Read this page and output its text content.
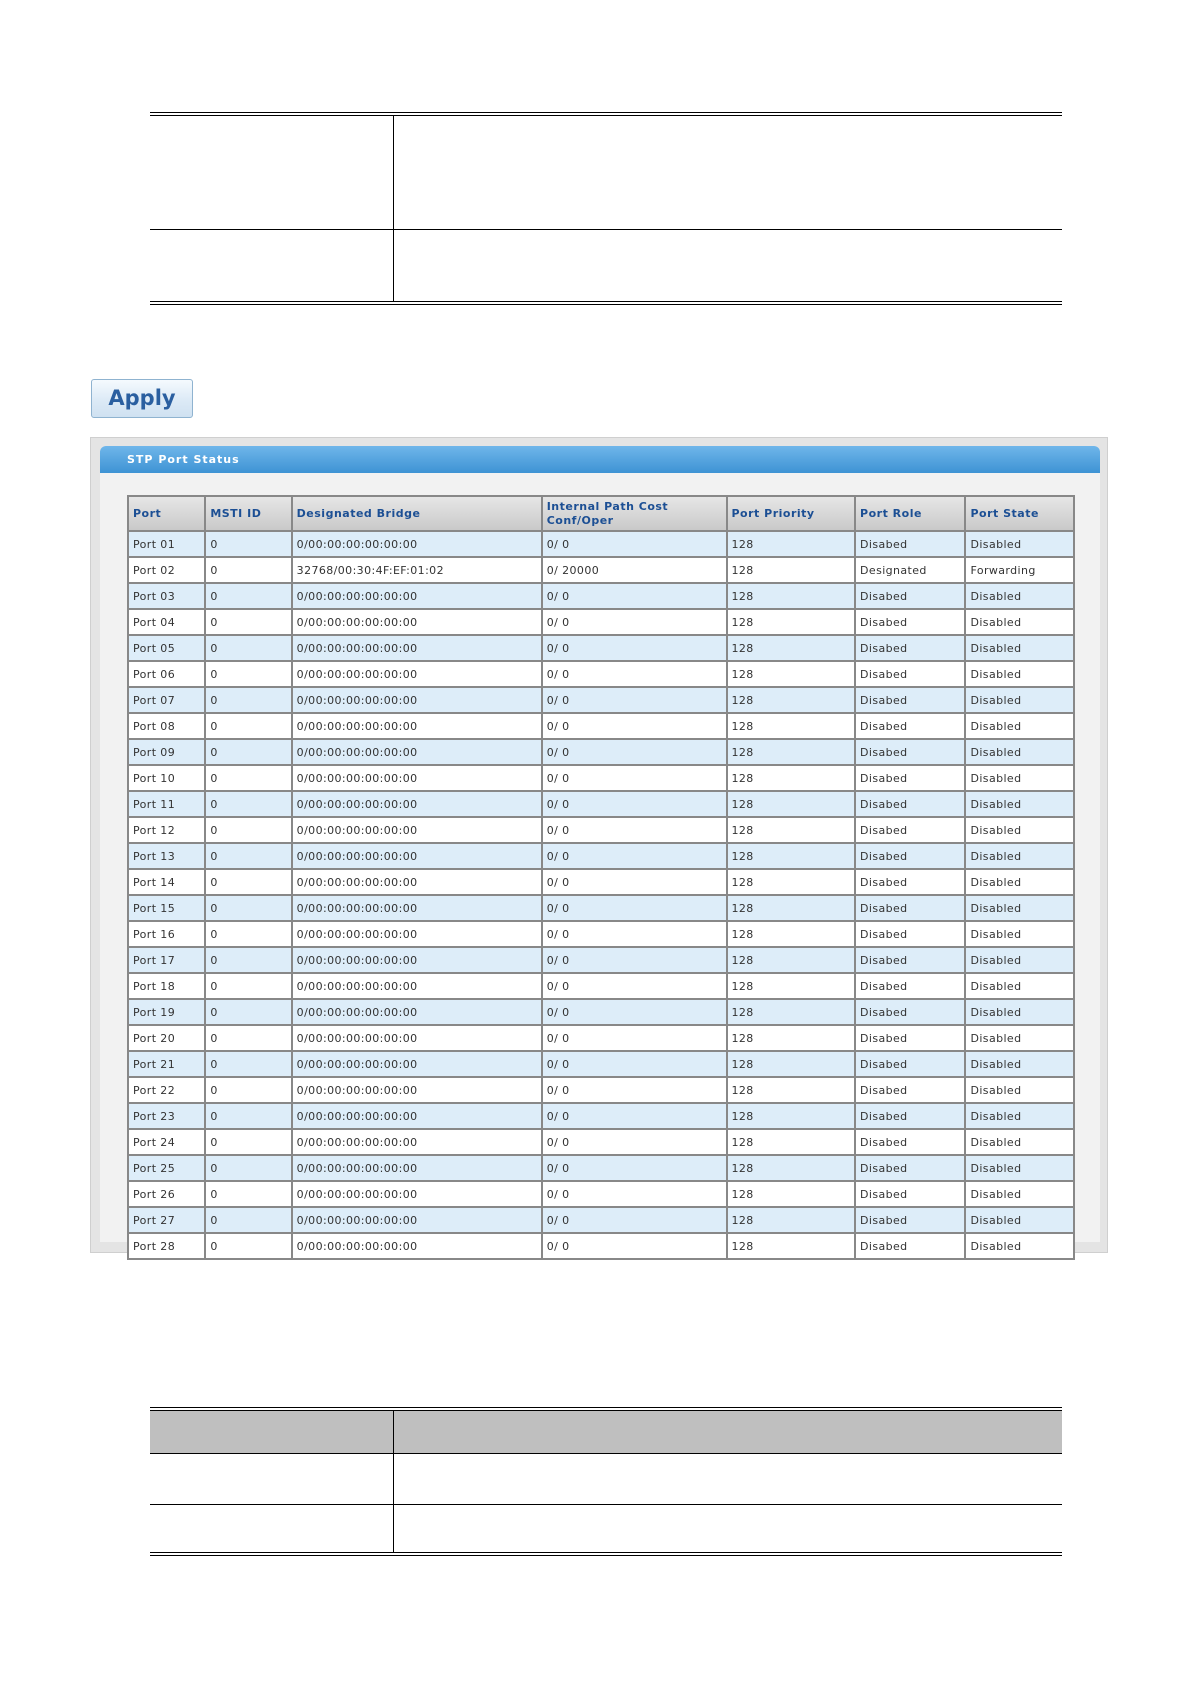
Apply
STP Port Status
Port	MSTI ID	Designated Bridge	Internal Path Cost Conf/Oper	Port Priority	Port Role	Port State
Port 01	0	0/00:00:00:00:00:00	0/ 0	128	Disabed	Disabled
Port 02	0	32768/00:30:4F:EF:01:02	0/ 20000	128	Designated	Forwarding
Port 03	0	0/00:00:00:00:00:00	0/ 0	128	Disabed	Disabled
Port 04	0	0/00:00:00:00:00:00	0/ 0	128	Disabed	Disabled
Port 05	0	0/00:00:00:00:00:00	0/ 0	128	Disabed	Disabled
Port 06	0	0/00:00:00:00:00:00	0/ 0	128	Disabed	Disabled
Port 07	0	0/00:00:00:00:00:00	0/ 0	128	Disabed	Disabled
Port 08	0	0/00:00:00:00:00:00	0/ 0	128	Disabed	Disabled
Port 09	0	0/00:00:00:00:00:00	0/ 0	128	Disabed	Disabled
Port 10	0	0/00:00:00:00:00:00	0/ 0	128	Disabed	Disabled
Port 11	0	0/00:00:00:00:00:00	0/ 0	128	Disabed	Disabled
Port 12	0	0/00:00:00:00:00:00	0/ 0	128	Disabed	Disabled
Port 13	0	0/00:00:00:00:00:00	0/ 0	128	Disabed	Disabled
Port 14	0	0/00:00:00:00:00:00	0/ 0	128	Disabed	Disabled
Port 15	0	0/00:00:00:00:00:00	0/ 0	128	Disabed	Disabled
Port 16	0	0/00:00:00:00:00:00	0/ 0	128	Disabed	Disabled
Port 17	0	0/00:00:00:00:00:00	0/ 0	128	Disabed	Disabled
Port 18	0	0/00:00:00:00:00:00	0/ 0	128	Disabed	Disabled
Port 19	0	0/00:00:00:00:00:00	0/ 0	128	Disabed	Disabled
Port 20	0	0/00:00:00:00:00:00	0/ 0	128	Disabed	Disabled
Port 21	0	0/00:00:00:00:00:00	0/ 0	128	Disabed	Disabled
Port 22	0	0/00:00:00:00:00:00	0/ 0	128	Disabed	Disabled
Port 23	0	0/00:00:00:00:00:00	0/ 0	128	Disabed	Disabled
Port 24	0	0/00:00:00:00:00:00	0/ 0	128	Disabed	Disabled
Port 25	0	0/00:00:00:00:00:00	0/ 0	128	Disabed	Disabled
Port 26	0	0/00:00:00:00:00:00	0/ 0	128	Disabed	Disabled
Port 27	0	0/00:00:00:00:00:00	0/ 0	128	Disabed	Disabled
Port 28	0	0/00:00:00:00:00:00	0/ 0	128	Disabed	Disabled
